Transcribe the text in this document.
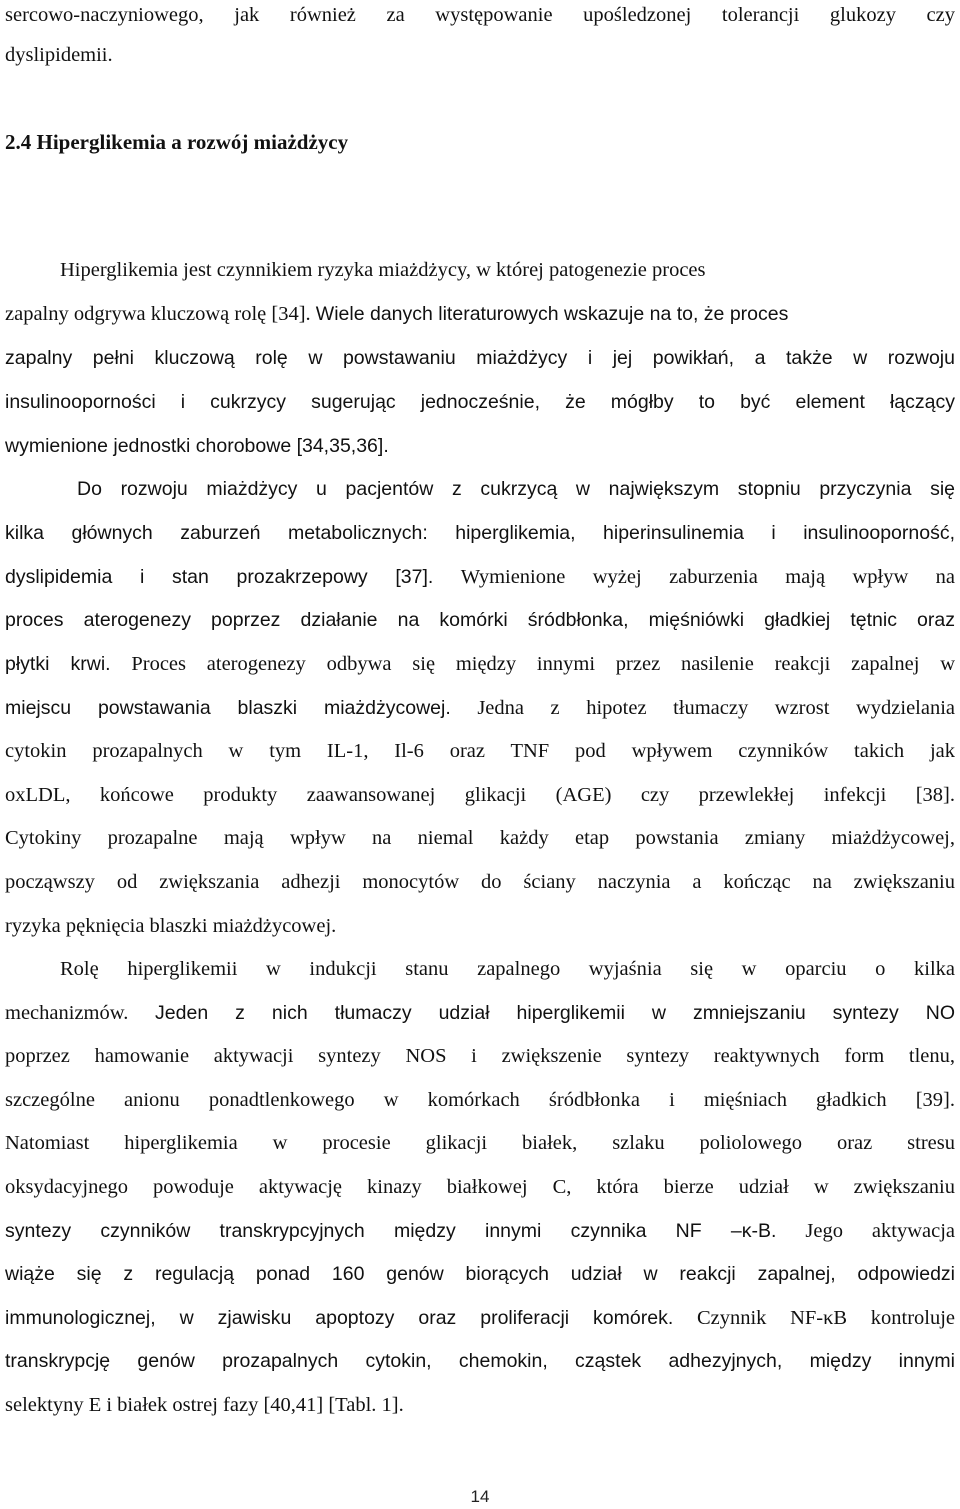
sercowo-naczyniowego, jak również za występowanie upośledzonej tolerancji glukozy czy
dyslipidemii.
2.4 Hiperglikemia a rozwój miażdżycy
Hiperglikemia jest czynnikiem ryzyka miażdżycy, w której patogenezie proces
zapalny odgrywa kluczową rolę [34]. Wiele danych literaturowych wskazuje na to, że proces
zapalny pełni kluczową rolę w powstawaniu miażdżycy i jej powikłań, a także w rozwoju
insulinooporności i cukrzycy sugerując jednocześnie, że mógłby to być element łączący
wymienione jednostki chorobowe [34,35,36].
Do rozwoju miażdżycy u pacjentów z cukrzycą w największym stopniu przyczynia się
kilka głównych zaburzeń metabolicznych: hiperglikemia, hiperinsulinemia i insulinooporność,
dyslipidemia i stan prozakrzepowy [37]. Wymienione wyżej zaburzenia mają wpływ na
proces aterogenezy poprzez działanie na komórki śródbłonka, mięśniówki gładkiej tętnic oraz
płytki krwi. Proces aterogenezy odbywa się między innymi przez nasilenie reakcji zapalnej w
miejscu powstawania blaszki miażdżycowej. Jedna z hipotez tłumaczy wzrost wydzielania
cytokin prozapalnych w tym IL-1, Il-6 oraz TNF pod wpływem czynników takich jak
oxLDL, końcowe produkty zaawansowanej glikacji (AGE) czy przewlekłej infekcji [38].
Cytokiny prozapalne mają wpływ na niemal każdy etap powstania zmiany miażdżycowej,
począwszy od zwiększania adhezji monocytów do ściany naczynia a kończąc na zwiększaniu
ryzyka pęknięcia blaszki miażdżycowej.
Rolę hiperglikemii w indukcji stanu zapalnego wyjaśnia się w oparciu o kilka
mechanizmów. Jeden z nich tłumaczy udział hiperglikemii w zmniejszaniu syntezy NO
poprzez hamowanie aktywacji syntezy NOS i zwiększenie syntezy reaktywnych form tlenu,
szczególne anionu ponadtlenkowego w komórkach śródbłonka i mięśniach gładkich [39].
Natomiast hiperglikemia w procesie glikacji białek, szlaku poliolowego oraz stresu
oksydacyjnego powoduje aktywację kinazy białkowej C, która bierze udział w zwiększaniu
syntezy czynników transkrypcyjnych między innymi czynnika NF –κ-B. Jego aktywacja
wiąże się z regulacją ponad 160 genów biorących udział w reakcji zapalnej, odpowiedzi
immunologicznej, w zjawisku apoptozy oraz proliferacji komórek. Czynnik NF-κB kontroluje
transkrypcję genów prozapalnych cytokin, chemokin, cząstek adhezyjnych, między innymi
selektyny E i białek ostrej fazy [40,41] [Tabl. 1].
14
